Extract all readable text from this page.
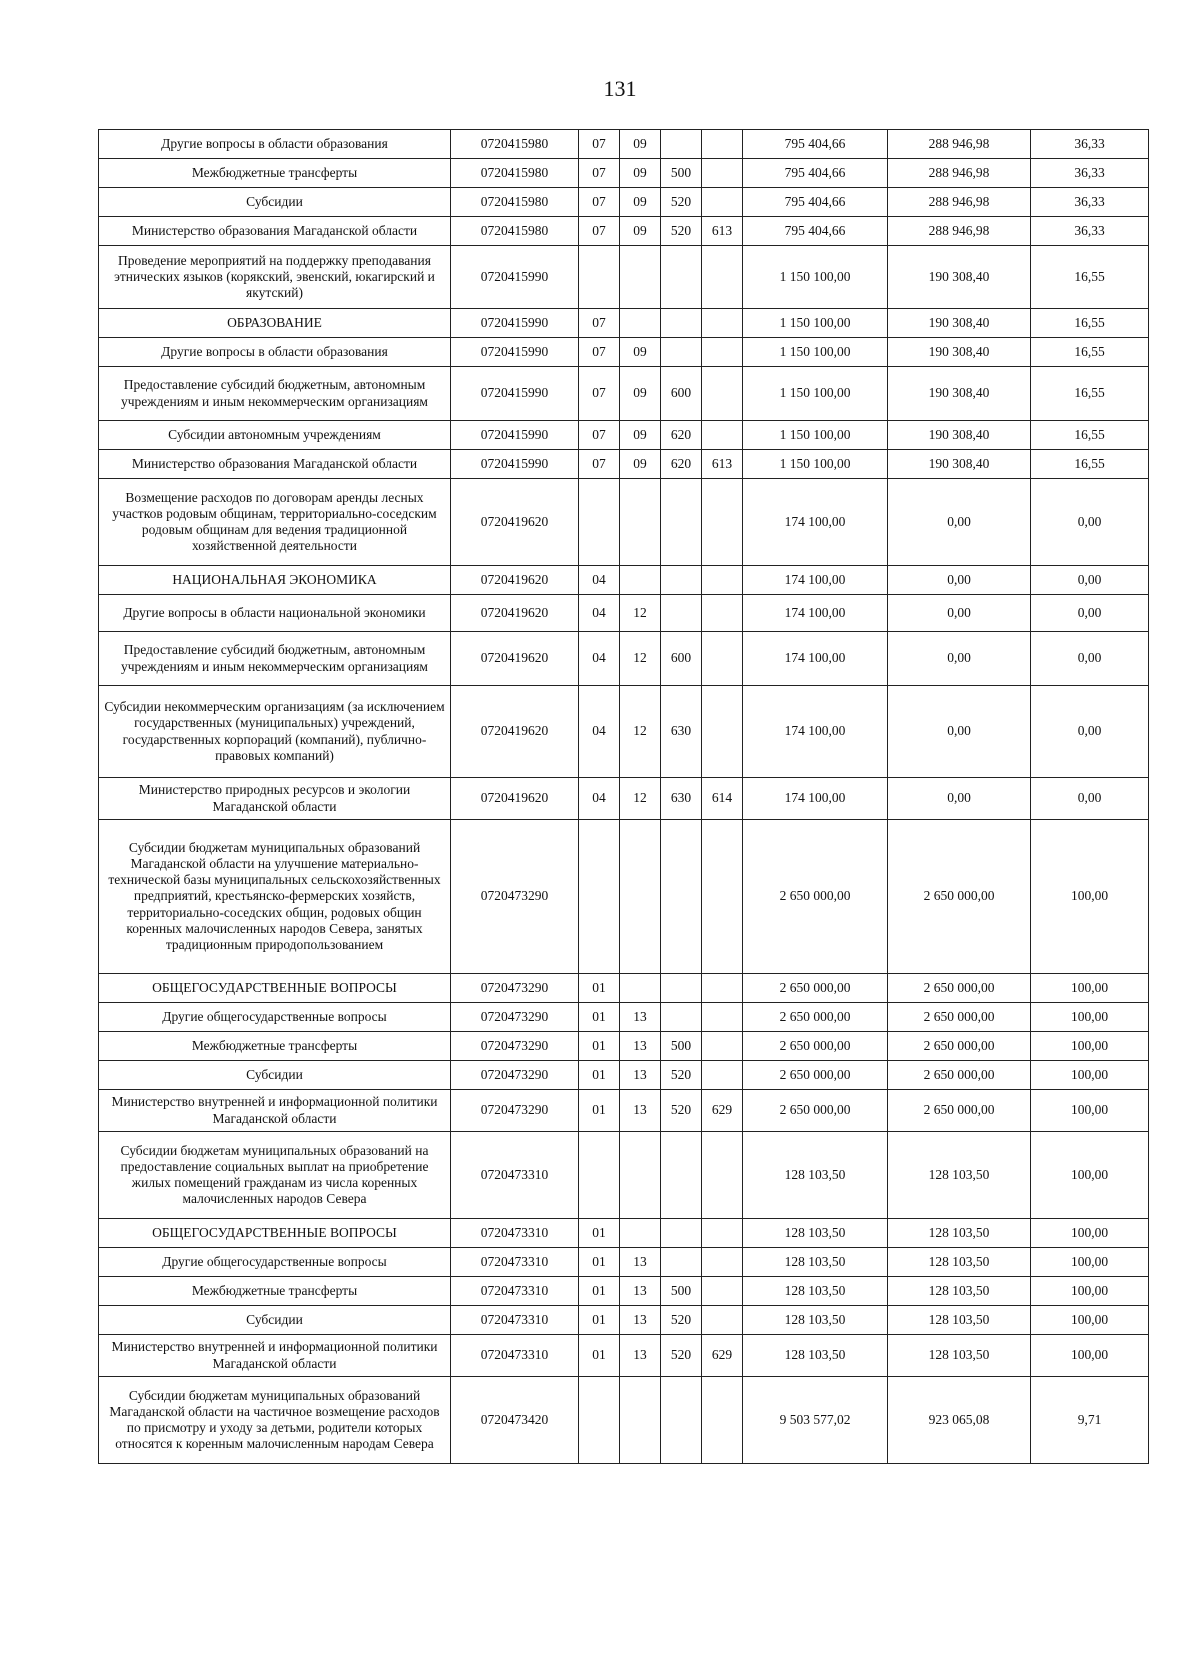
131
Другие вопросы в области образования	0720415980	07	09			795 404,66	288 946,98	36,33
Межбюджетные трансферты	0720415980	07	09	500		795 404,66	288 946,98	36,33
Субсидии	0720415980	07	09	520		795 404,66	288 946,98	36,33
Министерство образования Магаданской области	0720415980	07	09	520	613	795 404,66	288 946,98	36,33
Проведение мероприятий на поддержку преподавания этнических языков (корякский, эвенский, юкагирский и якутский)	0720415990					1 150 100,00	190 308,40	16,55
ОБРАЗОВАНИЕ	0720415990	07				1 150 100,00	190 308,40	16,55
Другие вопросы в области образования	0720415990	07	09			1 150 100,00	190 308,40	16,55
Предоставление субсидий бюджетным, автономным учреждениям и иным некоммерческим организациям	0720415990	07	09	600		1 150 100,00	190 308,40	16,55
Субсидии автономным учреждениям	0720415990	07	09	620		1 150 100,00	190 308,40	16,55
Министерство образования Магаданской области	0720415990	07	09	620	613	1 150 100,00	190 308,40	16,55
Возмещение расходов по договорам аренды лесных участков родовым общинам, территориально-соседским родовым общинам для ведения традиционной хозяйственной деятельности	0720419620					174 100,00	0,00	0,00
НАЦИОНАЛЬНАЯ ЭКОНОМИКА	0720419620	04				174 100,00	0,00	0,00
Другие вопросы в области национальной экономики	0720419620	04	12			174 100,00	0,00	0,00
Предоставление субсидий бюджетным, автономным учреждениям и иным некоммерческим организациям	0720419620	04	12	600		174 100,00	0,00	0,00
Субсидии некоммерческим организациям (за исключением государственных (муниципальных) учреждений, государственных корпораций (компаний), публично-правовых компаний)	0720419620	04	12	630		174 100,00	0,00	0,00
Министерство природных ресурсов и экологии Магаданской области	0720419620	04	12	630	614	174 100,00	0,00	0,00
Субсидии бюджетам муниципальных образований Магаданской области на улучшение материально-технической базы муниципальных сельскохозяйственных предприятий, крестьянско-фермерских хозяйств, территориально-соседских общин, родовых общин коренных малочисленных народов Севера, занятых традиционным природопользованием	0720473290					2 650 000,00	2 650 000,00	100,00
ОБЩЕГОСУДАРСТВЕННЫЕ ВОПРОСЫ	0720473290	01				2 650 000,00	2 650 000,00	100,00
Другие общегосударственные вопросы	0720473290	01	13			2 650 000,00	2 650 000,00	100,00
Межбюджетные трансферты	0720473290	01	13	500		2 650 000,00	2 650 000,00	100,00
Субсидии	0720473290	01	13	520		2 650 000,00	2 650 000,00	100,00
Министерство внутренней и информационной политики Магаданской области	0720473290	01	13	520	629	2 650 000,00	2 650 000,00	100,00
Субсидии бюджетам муниципальных образований на предоставление социальных выплат на приобретение жилых помещений гражданам из числа коренных малочисленных народов Севера	0720473310					128 103,50	128 103,50	100,00
ОБЩЕГОСУДАРСТВЕННЫЕ ВОПРОСЫ	0720473310	01				128 103,50	128 103,50	100,00
Другие общегосударственные вопросы	0720473310	01	13			128 103,50	128 103,50	100,00
Межбюджетные трансферты	0720473310	01	13	500		128 103,50	128 103,50	100,00
Субсидии	0720473310	01	13	520		128 103,50	128 103,50	100,00
Министерство внутренней и информационной политики Магаданской области	0720473310	01	13	520	629	128 103,50	128 103,50	100,00
Субсидии бюджетам муниципальных образований Магаданской области на частичное возмещение расходов по присмотру и уходу за детьми, родители которых относятся к коренным малочисленным народам Севера	0720473420					9 503 577,02	923 065,08	9,71
